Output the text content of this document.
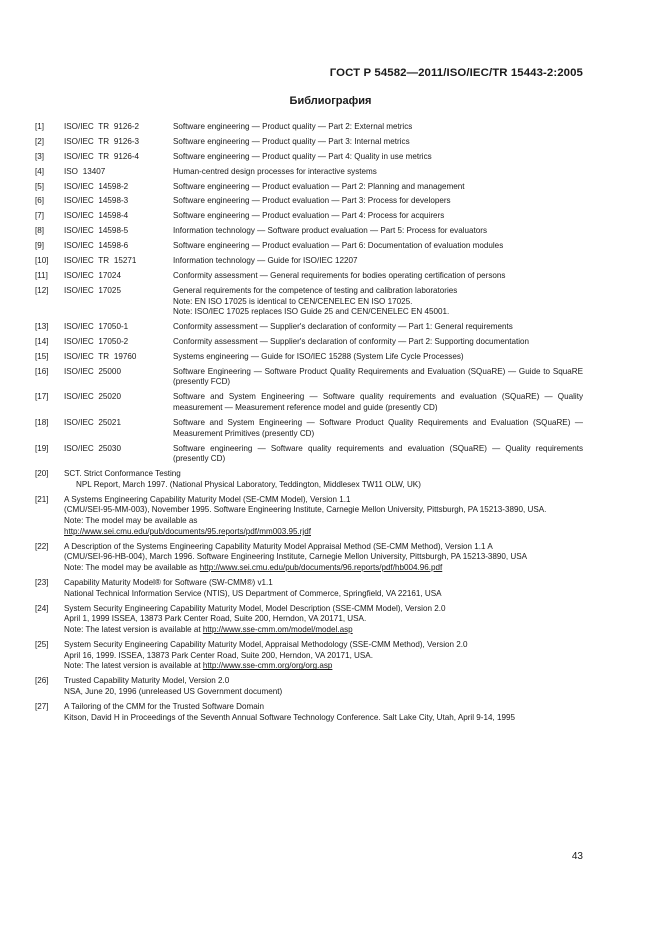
ГОСТ Р 54582—2011/ISO/IEC/TR 15443-2:2005
Библиография
[1]	ISO/IEC TR 9126-2	Software engineering — Product quality — Part 2: External metrics
[2]	ISO/IEC TR 9126-3	Software engineering — Product quality — Part 3: Internal metrics
[3]	ISO/IEC TR 9126-4	Software engineering — Product quality — Part 4: Quality in use metrics
[4]	ISO 13407	Human-centred design processes for interactive systems
[5]	ISO/IEC 14598-2	Software engineering — Product evaluation — Part 2: Planning and management
[6]	ISO/IEC 14598-3	Software engineering — Product evaluation — Part 3: Process for developers
[7]	ISO/IEC 14598-4	Software engineering — Product evaluation — Part 4: Process for acquirers
[8]	ISO/IEC 14598-5	Information technology — Software product evaluation — Part 5: Process for evaluators
[9]	ISO/IEC 14598-6	Software engineering — Product evaluation — Part 6: Documentation of evaluation modules
[10]	ISO/IEC TR 15271	Information technology — Guide for ISO/IEC 12207
[11]	ISO/IEC 17024	Conformity assessment — General requirements for bodies operating certification of persons
[12]	ISO/IEC 17025	General requirements for the competence of testing and calibration laboratories
Note: EN ISO 17025 is identical to CEN/CENELEC EN ISO 17025.
Note: ISO/IEC 17025 replaces ISO Guide 25 and CEN/CENELEC EN 45001.
[13]	ISO/IEC 17050-1	Conformity assessment — Supplier's declaration of conformity — Part 1: General requirements
[14]	ISO/IEC 17050-2	Conformity assessment — Supplier's declaration of conformity — Part 2: Supporting documentation
[15]	ISO/IEC TR 19760	Systems engineering — Guide for ISO/IEC 15288 (System Life Cycle Processes)
[16]	ISO/IEC 25000	Software Engineering — Software Product Quality Requirements and Evaluation (SQuaRE) — Guide to SquaRE (presently FCD)
[17]	ISO/IEC 25020	Software and System Engineering — Software quality requirements and evaluation (SQuaRE) — Quality measurement — Measurement reference model and guide (presently CD)
[18]	ISO/IEC 25021	Software and System Engineering — Software Product Quality Requirements and Evaluation (SQuaRE) — Measurement Primitives (presently CD)
[19]	ISO/IEC 25030	Software engineering — Software quality requirements and evaluation (SQuaRE) — Quality requirements (presently CD)
[20]	SCT. Strict Conformance Testing
NPL Report, March 1997. (National Physical Laboratory, Teddington, Middlesex TW11 OLW, UK)
[21]	A Systems Engineering Capability Maturity Model (SE-CMM Model), Version 1.1
(CMU/SEI-95-MM-003), November 1995. Software Engineering Institute, Carnegie Mellon University, Pittsburgh, PA 15213-3890, USA.
Note: The model may be available as
http://www.sei.cmu.edu/pub/documents/95.reports/pdf/mm003.95.rjdf
[22]	A Description of the Systems Engineering Capability Maturity Model Appraisal Method (SE-CMM Method), Version 1.1 A
(CMU/SEI-96-HB-004), March 1996. Software Engineering Institute, Carnegie Mellon University, Pittsburgh, PA 15213-3890, USA
Note: The model may be available as http://www.sei.cmu.edu/pub/documents/96.reports/pdf/hb004.96.pdf
[23]	Capability Maturity Model® for Software (SW-CMM®) v1.1
National Technical Information Service (NTIS), US Department of Commerce, Springfield, VA 22161, USA
[24]	System Security Engineering Capability Maturity Model, Model Description (SSE-CMM Model), Version 2.0
April 1, 1999 ISSEA, 13873 Park Center Road, Suite 200, Herndon, VA 20171, USA.
Note: The latest version is available at http://www.sse-cmm.om/model/model.asp
[25]	System Security Engineering Capability Maturity Model, Appraisal Methodology (SSE-CMM Method), Version 2.0
April 16, 1999. ISSEA, 13873 Park Center Road, Suite 200, Herndon, VA 20171, USA.
Note: The latest version is available at http://www.sse-cmm.org/org/org.asp
[26]	Trusted Capability Maturity Model, Version 2.0
NSA, June 20, 1996 (unreleased US Government document)
[27]	A Tailoring of the CMM for the Trusted Software Domain
Kitson, David H in Proceedings of the Seventh Annual Software Technology Conference. Salt Lake City, Utah, April 9-14, 1995
43
